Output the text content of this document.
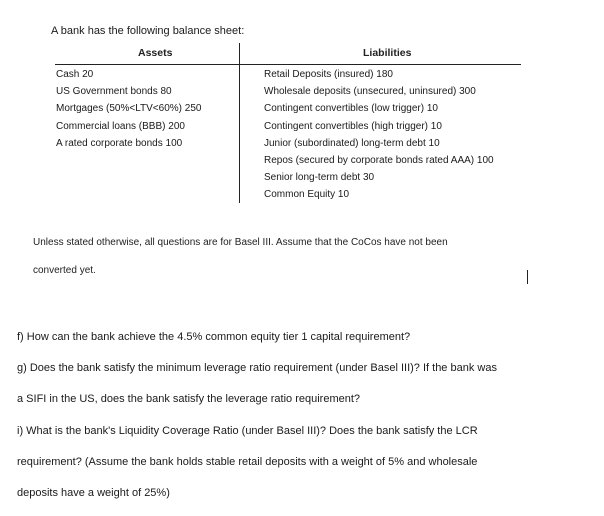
A bank has the following balance sheet:
Assets	Liabilities
Cash 20
US Government bonds 80
Mortgages (50%<LTV<60%) 250
Commercial loans (BBB) 200
A rated corporate bonds 100
Retail Deposits (insured) 180
Wholesale deposits (unsecured, uninsured) 300
Contingent convertibles (low trigger) 10
Contingent convertibles (high trigger) 10
Junior (subordinated) long-term debt 10
Repos (secured by corporate bonds rated AAA) 100
Senior long-term debt 30
Common Equity 10
Unless stated otherwise, all questions are for Basel III. Assume that the CoCos have not been
converted yet.
f) How can the bank achieve the 4.5% common equity tier 1 capital requirement?
g) Does the bank satisfy the minimum leverage ratio requirement (under Basel III)? If the bank was
a SIFI in the US, does the bank satisfy the leverage ratio requirement?
i) What is the bank's Liquidity Coverage Ratio (under Basel III)? Does the bank satisfy the LCR
requirement? (Assume the bank holds stable retail deposits with a weight of 5% and wholesale
deposits have a weight of 25%)
